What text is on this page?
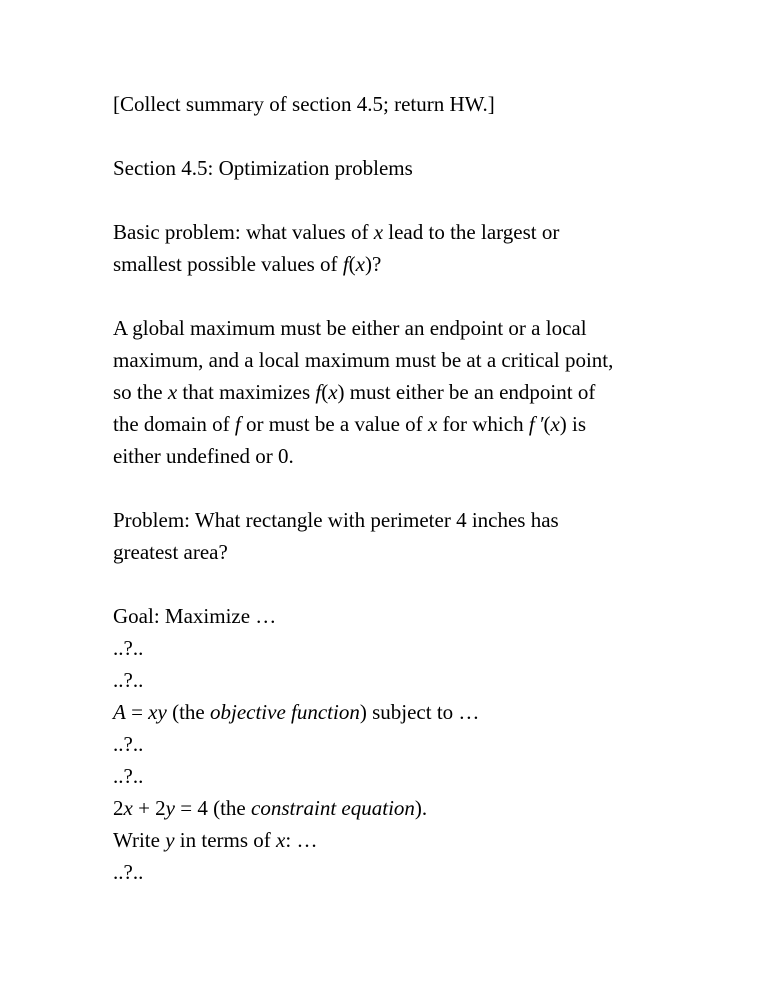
[Collect summary of section 4.5; return HW.]

Section 4.5: Optimization problems

Basic problem: what values of x lead to the largest or
smallest possible values of f(x)?

A global maximum must be either an endpoint or a local
maximum, and a local maximum must be at a critical point,
so the x that maximizes f(x) must either be an endpoint of
the domain of f or must be a value of x for which f ′(x) is
either undefined or 0.

Problem: What rectangle with perimeter 4 inches has
greatest area?

Goal: Maximize …
..?..
..?..
A = xy (the objective function) subject to …
..?..
..?..
2x + 2y = 4 (the constraint equation).
Write y in terms of x: …
..?..
